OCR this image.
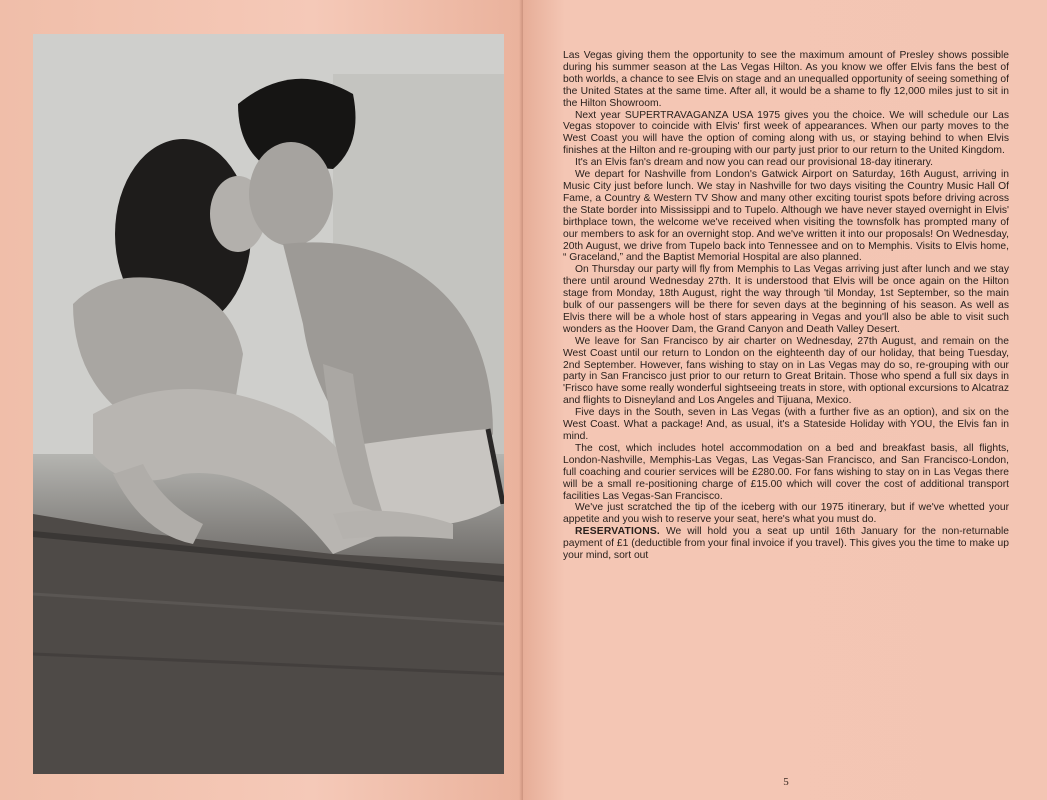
Las Vegas giving them the opportunity to see the maximum amount of Presley shows possible during his summer season at the Las Vegas Hilton. As you know we offer Elvis fans the best of both worlds, a chance to see Elvis on stage and an unequalled opportunity of seeing something of the United States at the same time. After all, it would be a shame to fly 12,000 miles just to sit in the Hilton Showroom.

Next year SUPERTRAVAGANZA USA 1975 gives you the choice. We will schedule our Las Vegas stopover to coincide with Elvis' first week of appearances. When our party moves to the West Coast you will have the option of coming along with us, or staying behind to when Elvis finishes at the Hilton and re-grouping with our party just prior to our return to the United Kingdom.

It's an Elvis fan's dream and now you can read our provisional 18-day itinerary.

We depart for Nashville from London's Gatwick Airport on Saturday, 16th August, arriving in Music City just before lunch. We stay in Nashville for two days visiting the Country Music Hall Of Fame, a Country & Western TV Show and many other exciting tourist spots before driving across the State border into Mississippi and to Tupelo. Although we have never stayed overnight in Elvis' birthplace town, the welcome we've received when visiting the townsfolk has prompted many of our members to ask for an overnight stop. And we've written it into our proposals! On Wednesday, 20th August, we drive from Tupelo back into Tennessee and on to Memphis. Visits to Elvis home, “ Graceland,” and the Baptist Memorial Hospital are also planned.

On Thursday our party will fly from Memphis to Las Vegas arriving just after lunch and we stay there until around Wednesday 27th. It is understood that Elvis will be once again on the Hilton stage from Monday, 18th August, right the way through 'til Monday, 1st September, so the main bulk of our passengers will be there for seven days at the beginning of his season. As well as Elvis there will be a whole host of stars appearing in Vegas and you'll also be able to visit such wonders as the Hoover Dam, the Grand Canyon and Death Valley Desert.

We leave for San Francisco by air charter on Wednesday, 27th August, and remain on the West Coast until our return to London on the eighteenth day of our holiday, that being Tuesday, 2nd September. However, fans wishing to stay on in Las Vegas may do so, re-grouping with our party in San Francisco just prior to our return to Great Britain. Those who spend a full six days in 'Frisco have some really wonderful sightseeing treats in store, with optional excursions to Alcatraz and flights to Disneyland and Los Angeles and Tijuana, Mexico.

Five days in the South, seven in Las Vegas (with a further five as an option), and six on the West Coast. What a package! And, as usual, it's a Stateside Holiday with YOU, the Elvis fan in mind.

The cost, which includes hotel accommodation on a bed and breakfast basis, all flights, London-Nashville, Memphis-Las Vegas, Las Vegas-San Francisco, and San Francisco-London, full coaching and courier services will be £280.00. For fans wishing to stay on in Las Vegas there will be a small re-positioning charge of £15.00 which will cover the cost of additional transport facilities Las Vegas-San Francisco.

We've just scratched the tip of the iceberg with our 1975 itinerary, but if we've whetted your appetite and you wish to reserve your seat, here's what you must do.

RESERVATIONS. We will hold you a seat up until 16th January for the non-returnable payment of £1 (deductible from your final invoice if you travel). This gives you the time to make up your mind, sort out

5
